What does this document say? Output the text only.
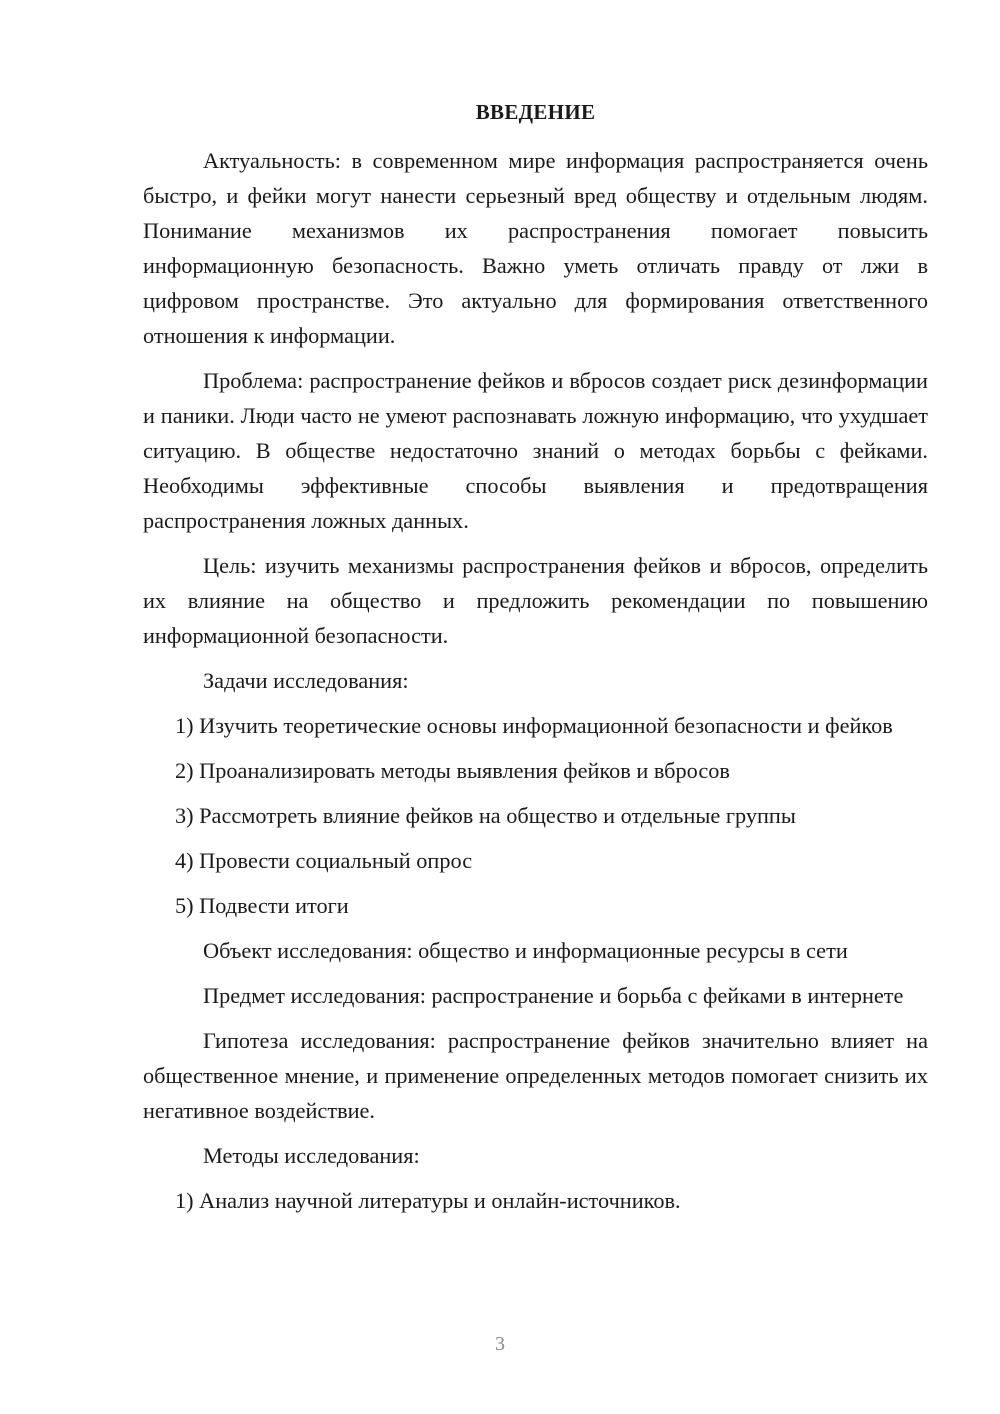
ВВЕДЕНИЕ

Актуальность: в современном мире информация распространяется очень быстро, и фейки могут нанести серьезный вред обществу и отдельным людям. Понимание механизмов их распространения помогает повысить информационную безопасность. Важно уметь отличать правду от лжи в цифровом пространстве. Это актуально для формирования ответственного отношения к информации.

Проблема: распространение фейков и вбросов создает риск дезинформации и паники. Люди часто не умеют распознавать ложную информацию, что ухудшает ситуацию. В обществе недостаточно знаний о методах борьбы с фейками. Необходимы эффективные способы выявления и предотвращения распространения ложных данных.

Цель: изучить механизмы распространения фейков и вбросов, определить их влияние на общество и предложить рекомендации по повышению информационной безопасности.

Задачи исследования:

1) Изучить теоретические основы информационной безопасности и фейков

2) Проанализировать методы выявления фейков и вбросов

3) Рассмотреть влияние фейков на общество и отдельные группы

4) Провести социальный опрос

5) Подвести итоги

Объект исследования: общество и информационные ресурсы в сети

Предмет исследования: распространение и борьба с фейками в интернете

Гипотеза исследования: распространение фейков значительно влияет на общественное мнение, и применение определенных методов помогает снизить их негативное воздействие.

Методы исследования:

1) Анализ научной литературы и онлайн-источников.

3
